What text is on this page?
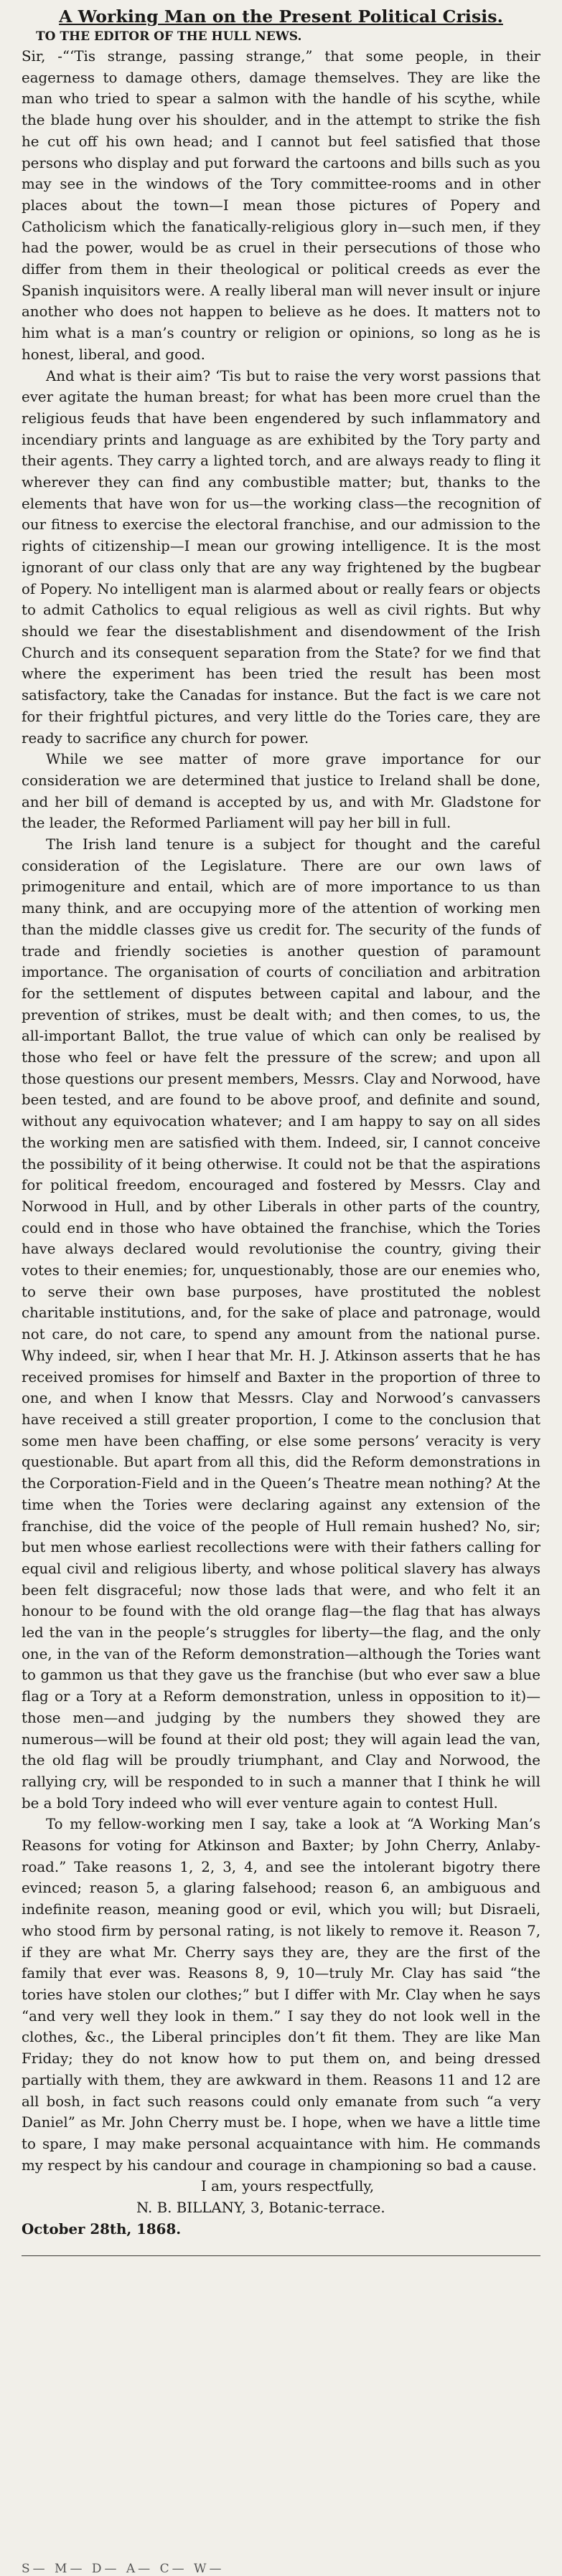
A Working Man on the Present Political Crisis.
TO THE EDITOR OF THE HULL NEWS.

Sir, -“‘Tis strange, passing strange,” that some people, in their eagerness to damage others, damage themselves. They are like the man who tried to spear a salmon with the handle of his scythe, while the blade hung over his shoulder, and in the attempt to strike the fish he cut off his own head; and I cannot but feel satisfied that those persons who display and put forward the cartoons and bills such as you may see in the windows of the Tory committee-rooms and in other places about the town—I mean those pictures of Popery and Catholicism which the fanatically-religious glory in—such men, if they had the power, would be as cruel in their persecutions of those who differ from them in their theological or political creeds as ever the Spanish inquisitors were. A really liberal man will never insult or injure another who does not happen to believe as he does. It matters not to him what is a man’s country or religion or opinions, so long as he is honest, liberal, and good.

And what is their aim? ‘Tis but to raise the very worst passions that ever agitate the human breast; for what has been more cruel than the religious feuds that have been engendered by such inflammatory and incendiary prints and language as are exhibited by the Tory party and their agents. They carry a lighted torch, and are always ready to fling it wherever they can find any combustible matter; but, thanks to the elements that have won for us—the working class—the recognition of our fitness to exercise the electoral franchise, and our admission to the rights of citizenship—I mean our growing intelligence. It is the most ignorant of our class only that are any way frightened by the bugbear of Popery. No intelligent man is alarmed about or really fears or objects to admit Catholics to equal religious as well as civil rights. But why should we fear the disestablishment and disendowment of the Irish Church and its consequent separation from the State? for we find that where the experiment has been tried the result has been most satisfactory, take the Canadas for instance. But the fact is we care not for their frightful pictures, and very little do the Tories care, they are ready to sacrifice any church for power.

While we see matter of more grave importance for our consideration we are determined that justice to Ireland shall be done, and her bill of demand is accepted by us, and with Mr. Gladstone for the leader, the Reformed Parliament will pay her bill in full.

The Irish land tenure is a subject for thought and the careful consideration of the Legislature. There are our own laws of primogeniture and entail, which are of more importance to us than many think, and are occupying more of the attention of working men than the middle classes give us credit for. The security of the funds of trade and friendly societies is another question of paramount importance. The organisation of courts of conciliation and arbitration for the settlement of disputes between capital and labour, and the prevention of strikes, must be dealt with; and then comes, to us, the all-important Ballot, the true value of which can only be realised by those who feel or have felt the pressure of the screw; and upon all those questions our present members, Messrs. Clay and Norwood, have been tested, and are found to be above proof, and definite and sound, without any equivocation whatever; and I am happy to say on all sides the working men are satisfied with them. Indeed, sir, I cannot conceive the possibility of it being otherwise. It could not be that the aspirations for political freedom, encouraged and fostered by Messrs. Clay and Norwood in Hull, and by other Liberals in other parts of the country, could end in those who have obtained the franchise, which the Tories have always declared would revolutionise the country, giving their votes to their enemies; for, unquestionably, those are our enemies who, to serve their own base purposes, have prostituted the noblest charitable institutions, and, for the sake of place and patronage, would not care, do not care, to spend any amount from the national purse. Why indeed, sir, when I hear that Mr. H. J. Atkinson asserts that he has received promises for himself and Baxter in the proportion of three to one, and when I know that Messrs. Clay and Norwood’s canvassers have received a still greater proportion, I come to the conclusion that some men have been chaffing, or else some persons’ veracity is very questionable. But apart from all this, did the Reform demonstrations in the Corporation-Field and in the Queen’s Theatre mean nothing? At the time when the Tories were declaring against any extension of the franchise, did the voice of the people of Hull remain hushed? No, sir; but men whose earliest recollections were with their fathers calling for equal civil and religious liberty, and whose political slavery has always been felt disgraceful; now those lads that were, and who felt it an honour to be found with the old orange flag—the flag that has always led the van in the people’s struggles for liberty—the flag, and the only one, in the van of the Reform demonstration—although the Tories want to gammon us that they gave us the franchise (but who ever saw a blue flag or a Tory at a Reform demonstration, unless in opposition to it)—those men—and judging by the numbers they showed they are numerous—will be found at their old post; they will again lead the van, the old flag will be proudly triumphant, and Clay and Norwood, the rallying cry, will be responded to in such a manner that I think he will be a bold Tory indeed who will ever venture again to contest Hull.

To my fellow-working men I say, take a look at “A Working Man’s Reasons for voting for Atkinson and Baxter; by John Cherry, Anlaby-road.” Take reasons 1, 2, 3, 4, and see the intolerant bigotry there evinced; reason 5, a glaring falsehood; reason 6, an ambiguous and indefinite reason, meaning good or evil, which you will; but Disraeli, who stood firm by personal rating, is not likely to remove it. Reason 7, if they are what Mr. Cherry says they are, they are the first of the family that ever was. Reasons 8, 9, 10—truly Mr. Clay has said “the tories have stolen our clothes;” but I differ with Mr. Clay when he says “and very well they look in them.” I say they do not look well in the clothes, &c., the Liberal principles don’t fit them. They are like Man Friday; they do not know how to put them on, and being dressed partially with them, they are awkward in them. Reasons 11 and 12 are all bosh, in fact such reasons could only emanate from such “a very Daniel” as Mr. John Cherry must be. I hope, when we have a little time to spare, I may make personal acquaintance with him. He commands my respect by his candour and courage in championing so bad a cause.

I am, yours respectfully,
N. B. BILLANY, 3, Botanic-terrace.
October 28th, 1868.
S— M— D— A— C— W—
